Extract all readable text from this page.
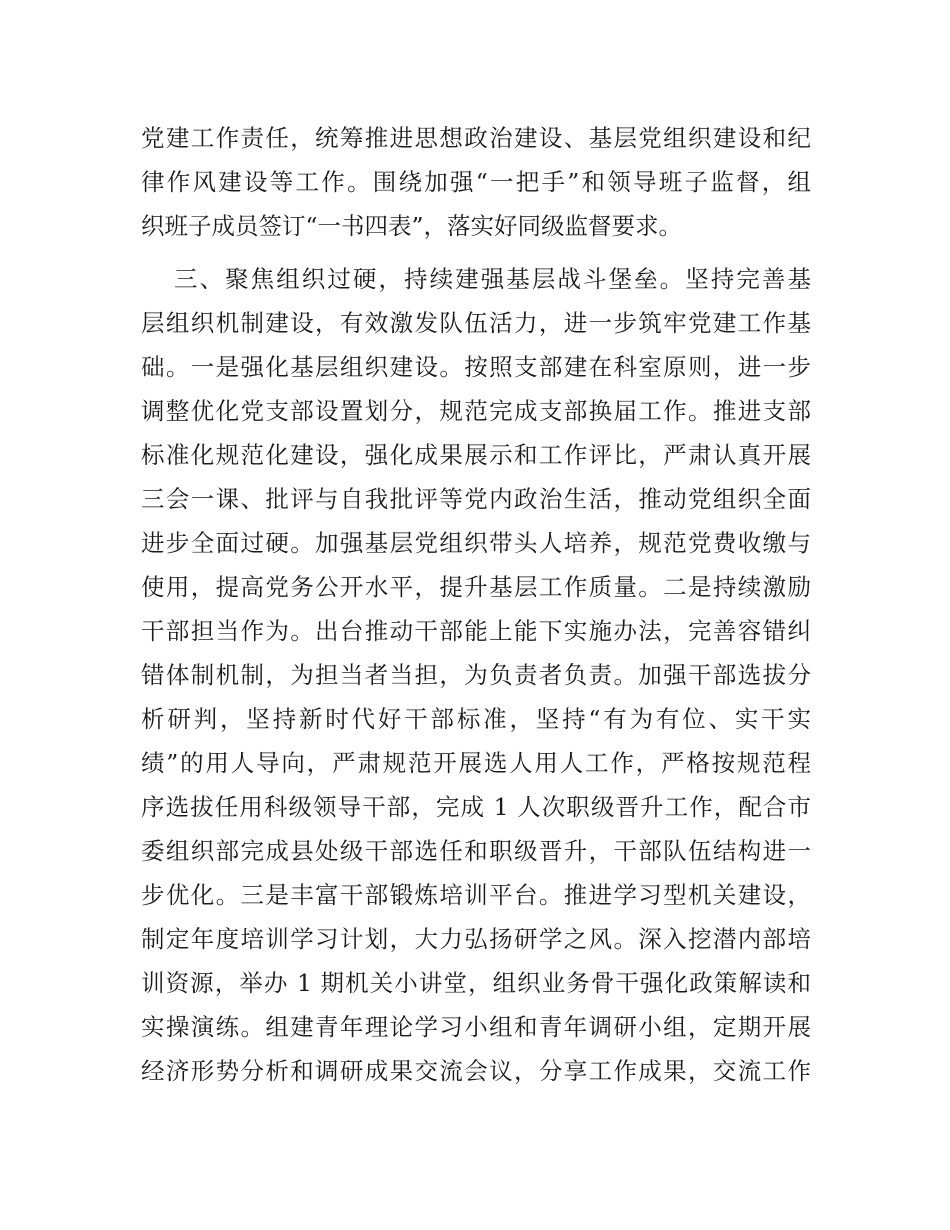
党建工作责任，统筹推进思想政治建设、基层党组织建设和纪
律作风建设等工作。围绕加强“一把手”和领导班子监督，组
织班子成员签订“一书四表”，落实好同级监督要求。
三、聚焦组织过硬，持续建强基层战斗堡垒。坚持完善基
层组织机制建设，有效激发队伍活力，进一步筑牢党建工作基
础。一是强化基层组织建设。按照支部建在科室原则，进一步
调整优化党支部设置划分，规范完成支部换届工作。推进支部
标准化规范化建设，强化成果展示和工作评比，严肃认真开展
三会一课、批评与自我批评等党内政治生活，推动党组织全面
进步全面过硬。加强基层党组织带头人培养，规范党费收缴与
使用，提高党务公开水平，提升基层工作质量。二是持续激励
干部担当作为。出台推动干部能上能下实施办法，完善容错纠
错体制机制，为担当者当担，为负责者负责。加强干部选拔分
析研判，坚持新时代好干部标准，坚持“有为有位、实干实
绩”的用人导向，严肃规范开展选人用人工作，严格按规范程
序选拔任用科级领导干部，完成 1 人次职级晋升工作，配合市
委组织部完成县处级干部选任和职级晋升，干部队伍结构进一
步优化。三是丰富干部锻炼培训平台。推进学习型机关建设，
制定年度培训学习计划，大力弘扬研学之风。深入挖潜内部培
训资源，举办 1 期机关小讲堂，组织业务骨干强化政策解读和
实操演练。组建青年理论学习小组和青年调研小组，定期开展
经济形势分析和调研成果交流会议，分享工作成果，交流工作
